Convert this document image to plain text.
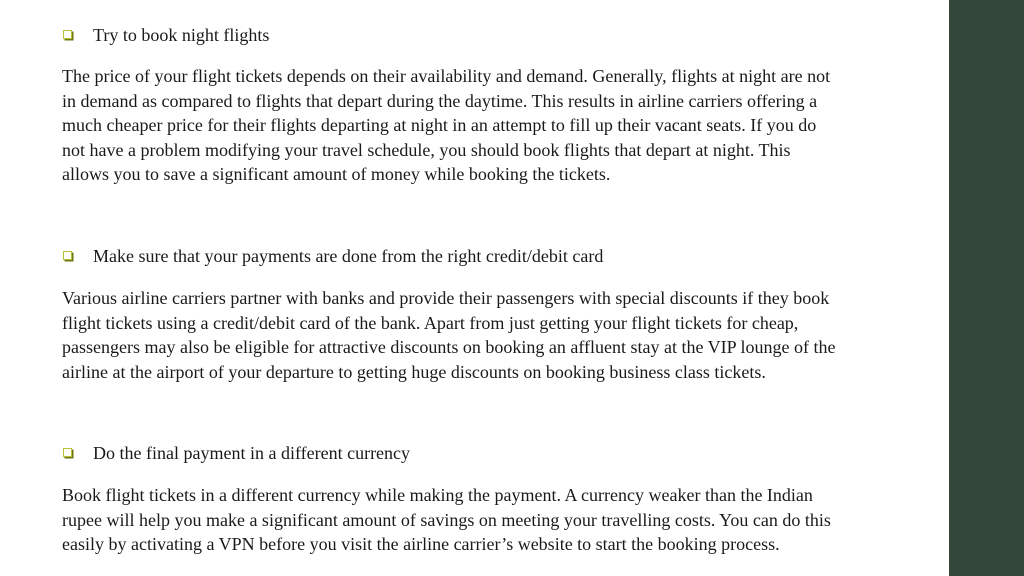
Try to book night flights
The price of your flight tickets depends on their availability and demand. Generally, flights at night are not
in demand as compared to flights that depart during the daytime. This results in airline carriers offering a
much cheaper price for their flights departing at night in an attempt to fill up their vacant seats. If you do
not have a problem modifying your travel schedule, you should book flights that depart at night. This
allows you to save a significant amount of money while booking the tickets.
Make sure that your payments are done from the right credit/debit card
Various airline carriers partner with banks and provide their passengers with special discounts if they book
flight tickets using a credit/debit card of the bank. Apart from just getting your flight tickets for cheap,
passengers may also be eligible for attractive discounts on booking an affluent stay at the VIP lounge of the
airline at the airport of your departure to getting huge discounts on booking business class tickets.
Do the final payment in a different currency
Book flight tickets in a different currency while making the payment. A currency weaker than the Indian
rupee will help you make a significant amount of savings on meeting your travelling costs. You can do this
easily by activating a VPN before you visit the airline carrier’s website to start the booking process.
